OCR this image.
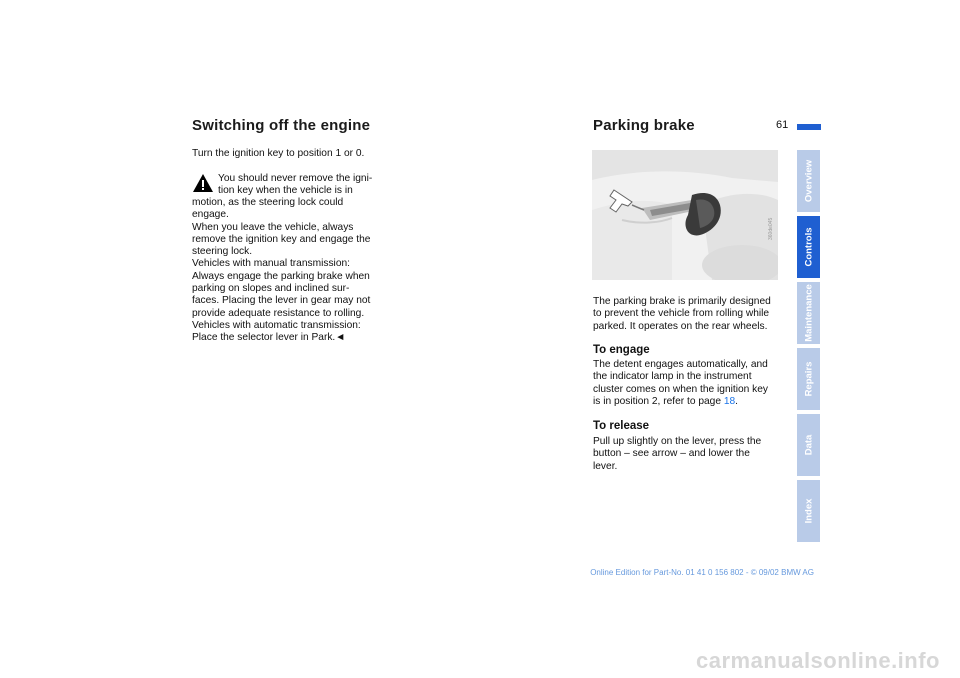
Switching off the engine

Turn the ignition key to position 1 or 0.

You should never remove the igni-

tion key when the vehicle is in

motion, as the steering lock could

engage.

When you leave the vehicle, always

remove the ignition key and engage the

steering lock.

Vehicles with manual transmission:

Always engage the parking brake when

parking on slopes and inclined sur-

faces. Placing the lever in gear may not

provide adequate resistance to rolling.

Vehicles with automatic transmission:

Place the selector lever in Park.◄

Parking brake	61
360de045

The parking brake is primarily designed

to prevent the vehicle from rolling while

parked. It operates on the rear wheels.

To engage

The detent engages automatically, and

the indicator lamp in the instrument

cluster comes on when the ignition key

is in position 2, refer to page 18.

To release

Pull up slightly on the lever, press the

button – see arrow – and lower the

lever.

Overview
Controls
Maintenance
Repairs
Data
Index
Online Edition for Part-No. 01 41 0 156 802 - © 09/02 BMW AG
carmanualsonline.info
